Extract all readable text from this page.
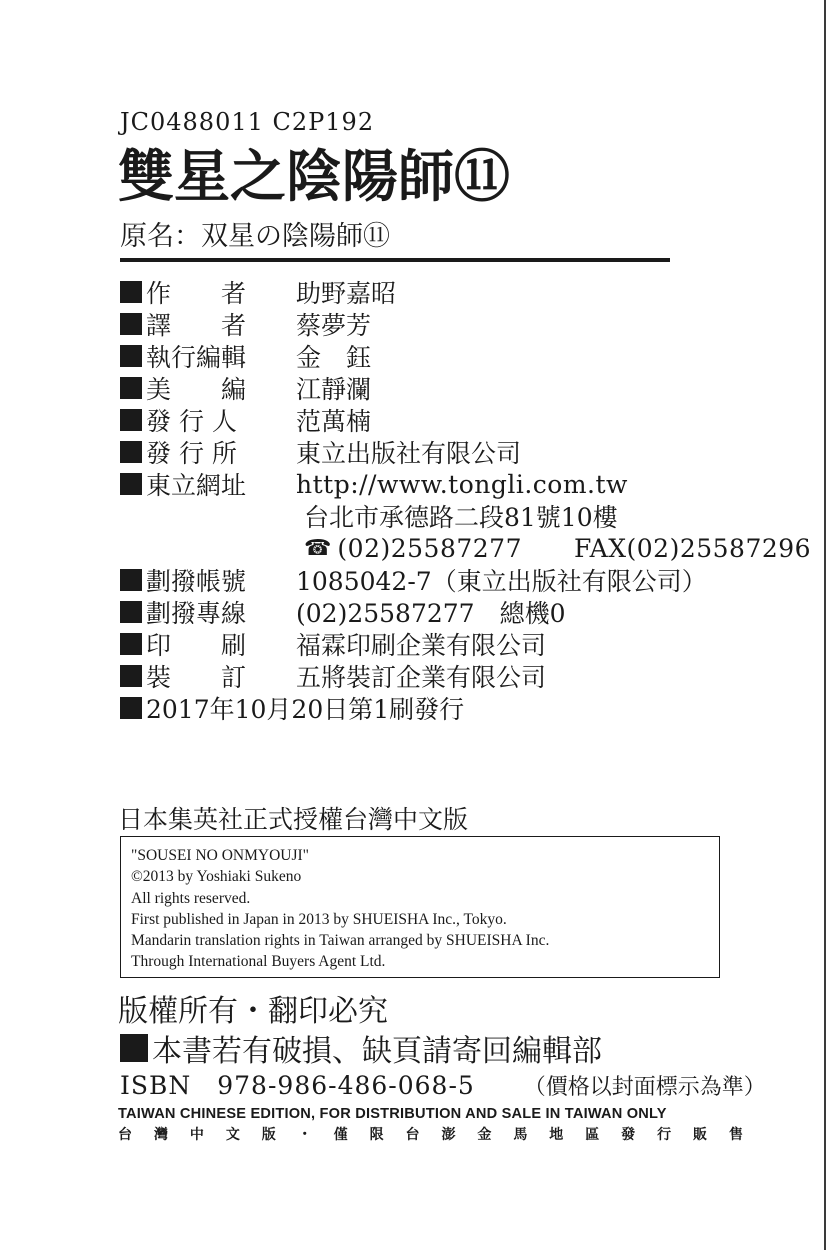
JC0488011 C2P192
雙星之陰陽師⑪
原名：双星の陰陽師⑪
作　　者 助野嘉昭
譯　　者 蔡夢芳
執行編輯 金　鈺
美　　編 江靜瀾
發 行 人 范萬楠
發 行 所 東立出版社有限公司
東立網址 http://www.tongli.com.tw
台北市承德路二段81號10樓
☎ (02)25587277 FAX(02)25587296
劃撥帳號 1085042-7（東立出版社有限公司）
劃撥專線 (02)25587277　總機0
印　　刷 福霖印刷企業有限公司
裝　　訂 五將裝訂企業有限公司
2017年10月20日第1刷發行
日本集英社正式授權台灣中文版
"SOUSEI NO ONMYOUJI"
©2013 by Yoshiaki Sukeno
All rights reserved.
First published in Japan in 2013 by SHUEISHA Inc., Tokyo.
Mandarin translation rights in Taiwan arranged by SHUEISHA Inc.
Through International Buyers Agent Ltd.
版權所有・翻印必究
本書若有破損、缺頁請寄回編輯部
ISBN　978-986-486-068-5 （價格以封面標示為準）
TAIWAN CHINESE EDITION, FOR DISTRIBUTION AND SALE IN TAIWAN ONLY
台 灣 中 文 版 ・ 僅 限 台 澎 金 馬 地 區 發 行 販 售
